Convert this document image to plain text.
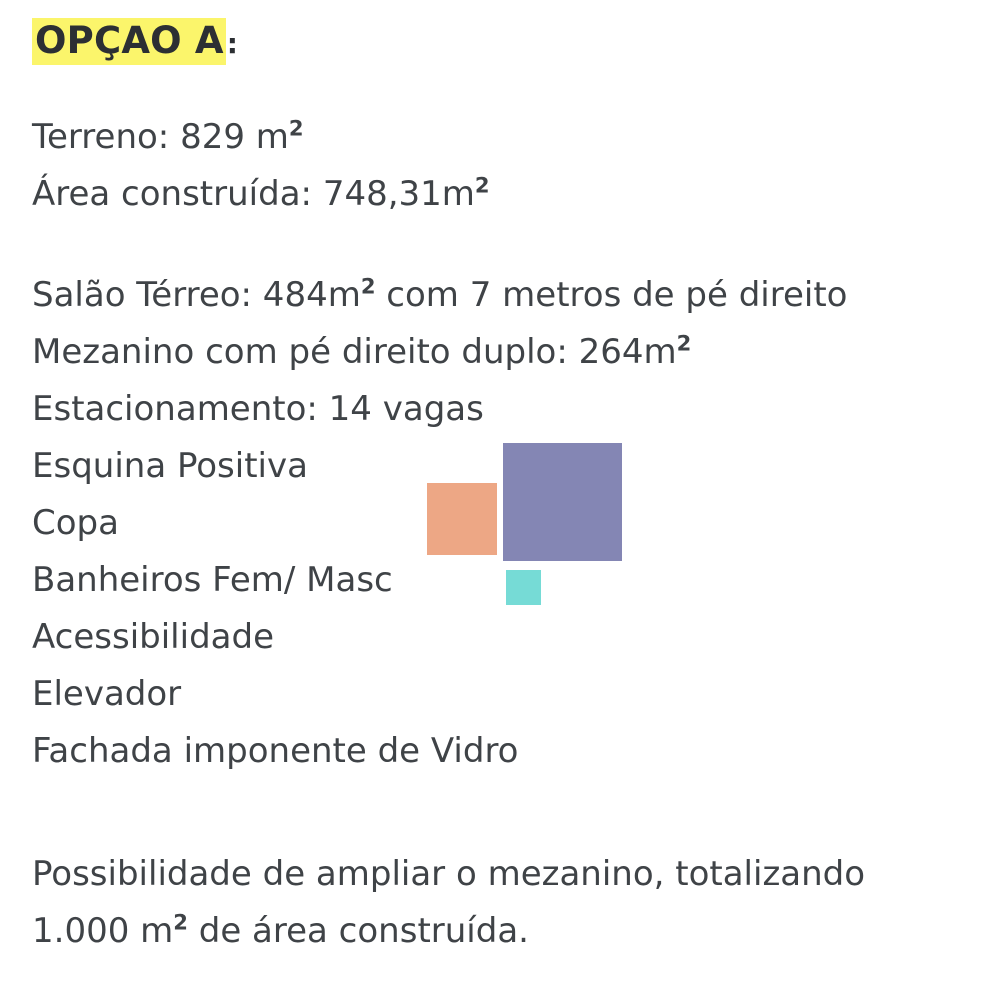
OPÇAO A :
Terreno: 829 $m^2$
Área construída: $748,31m^2$
Salão Térreo: $484m^2$ com 7 metros de pé direito
Mezanino com pé direito duplo: $264m^2$
Estacionamento: 14 vagas
Esquina Positiva
Copa
Banheiros Fem/ Masc
Acessibilidade
Elevador
Fachada imponente de Vidro
Possibilidade de ampliar o mezanino, totalizando
1.000 $m^2$ de área construída.
